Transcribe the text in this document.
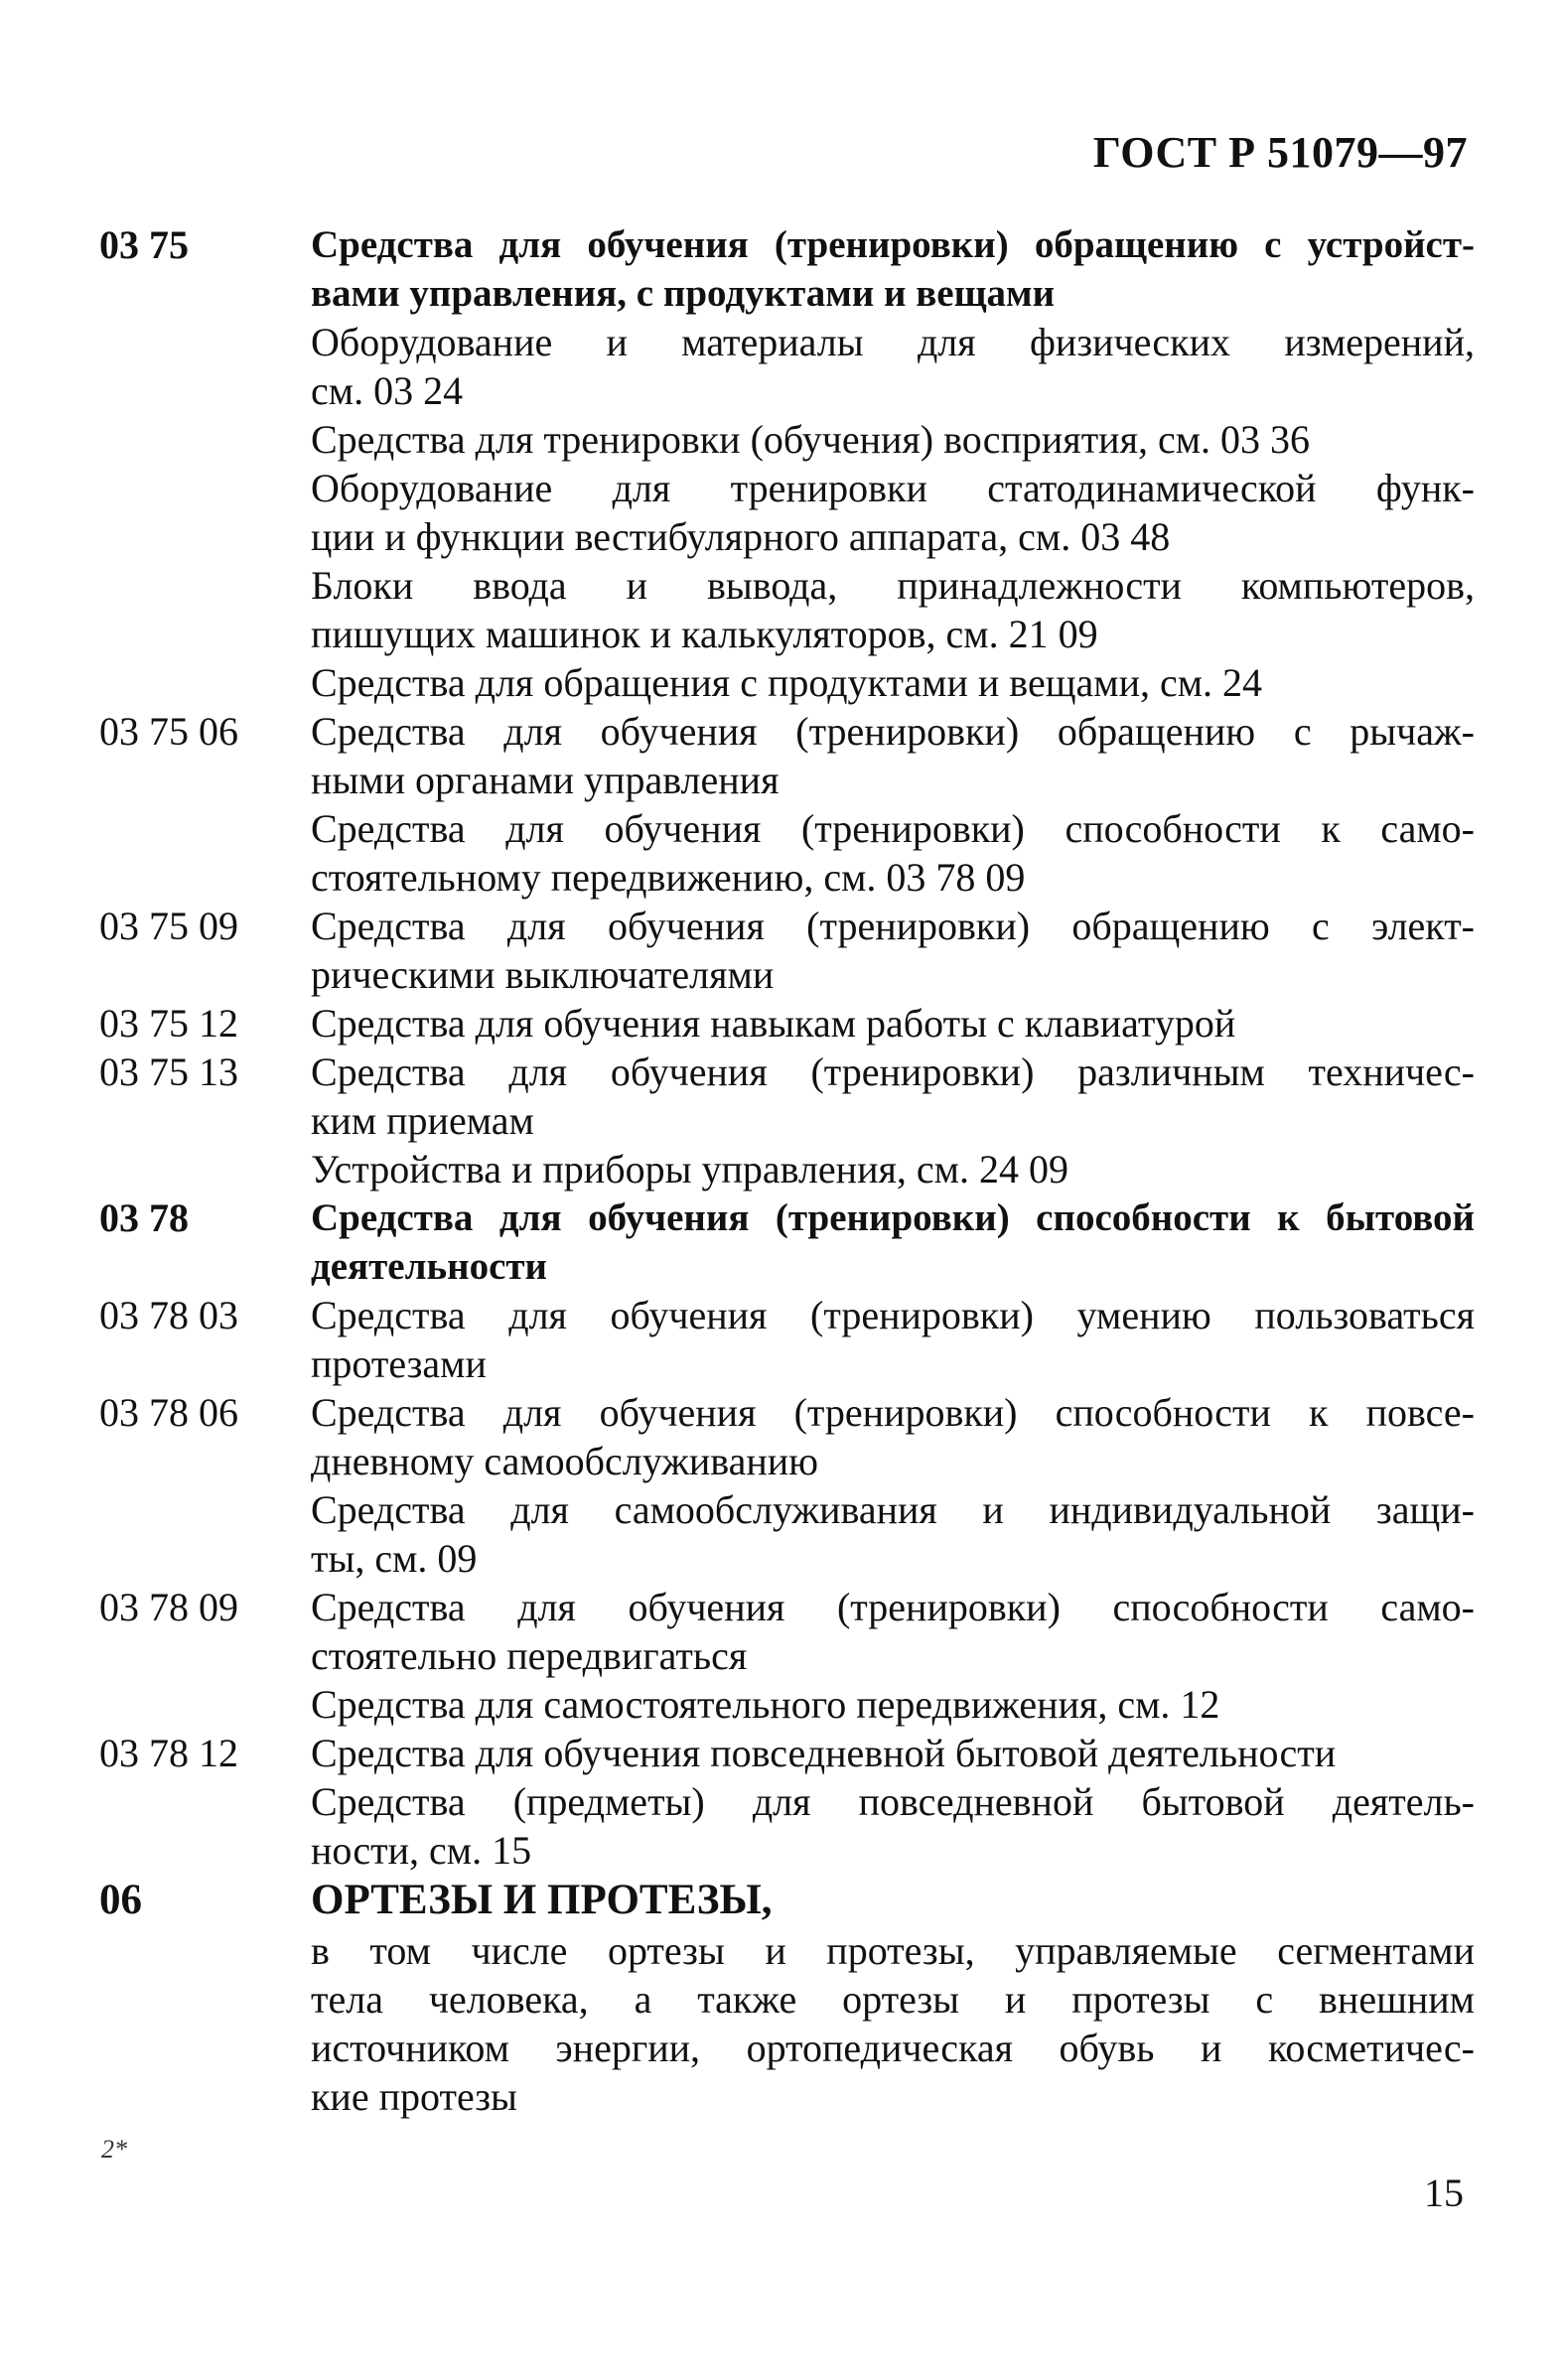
ГОСТ Р 51079—97
03 75	Средства для обучения (тренировки) обращению с устройст-
вами управления, с продуктами и вещами
Оборудование и материалы для физических измерений,
см. 03 24
Средства для тренировки (обучения) восприятия, см. 03 36
Оборудование для тренировки статодинамической функ-
ции и функции вестибулярного аппарата, см. 03 48
Блоки ввода и вывода, принадлежности компьютеров,
пишущих машинок и калькуляторов, см. 21 09
Средства для обращения с продуктами и вещами, см. 24
03 75 06	Средства для обучения (тренировки) обращению с рычаж-
ными органами управления
Средства для обучения (тренировки) способности к само-
стоятельному передвижению, см. 03 78 09
03 75 09	Средства для обучения (тренировки) обращению с элект-
рическими выключателями
03 75 12	Средства для обучения навыкам работы с клавиатурой
03 75 13	Средства для обучения (тренировки) различным техничес-
ким приемам
Устройства и приборы управления, см. 24 09
03 78	Средства для обучения (тренировки) способности к бытовой
деятельности
03 78 03	Средства для обучения (тренировки) умению пользоваться
протезами
03 78 06	Средства для обучения (тренировки) способности к повсе-
дневному самообслуживанию
Средства для самообслуживания и индивидуальной защи-
ты, см. 09
03 78 09	Средства для обучения (тренировки) способности само-
стоятельно передвигаться
Средства для самостоятельного передвижения, см. 12
03 78 12	Средства для обучения повседневной бытовой деятельности
Средства (предметы) для повседневной бытовой деятель-
ности, см. 15
06	ОРТЕЗЫ И ПРОТЕЗЫ,
в том числе ортезы и протезы, управляемые сегментами
тела человека, а также ортезы и протезы с внешним
источником энергии, ортопедическая обувь и косметичес-
кие протезы
2*
15
